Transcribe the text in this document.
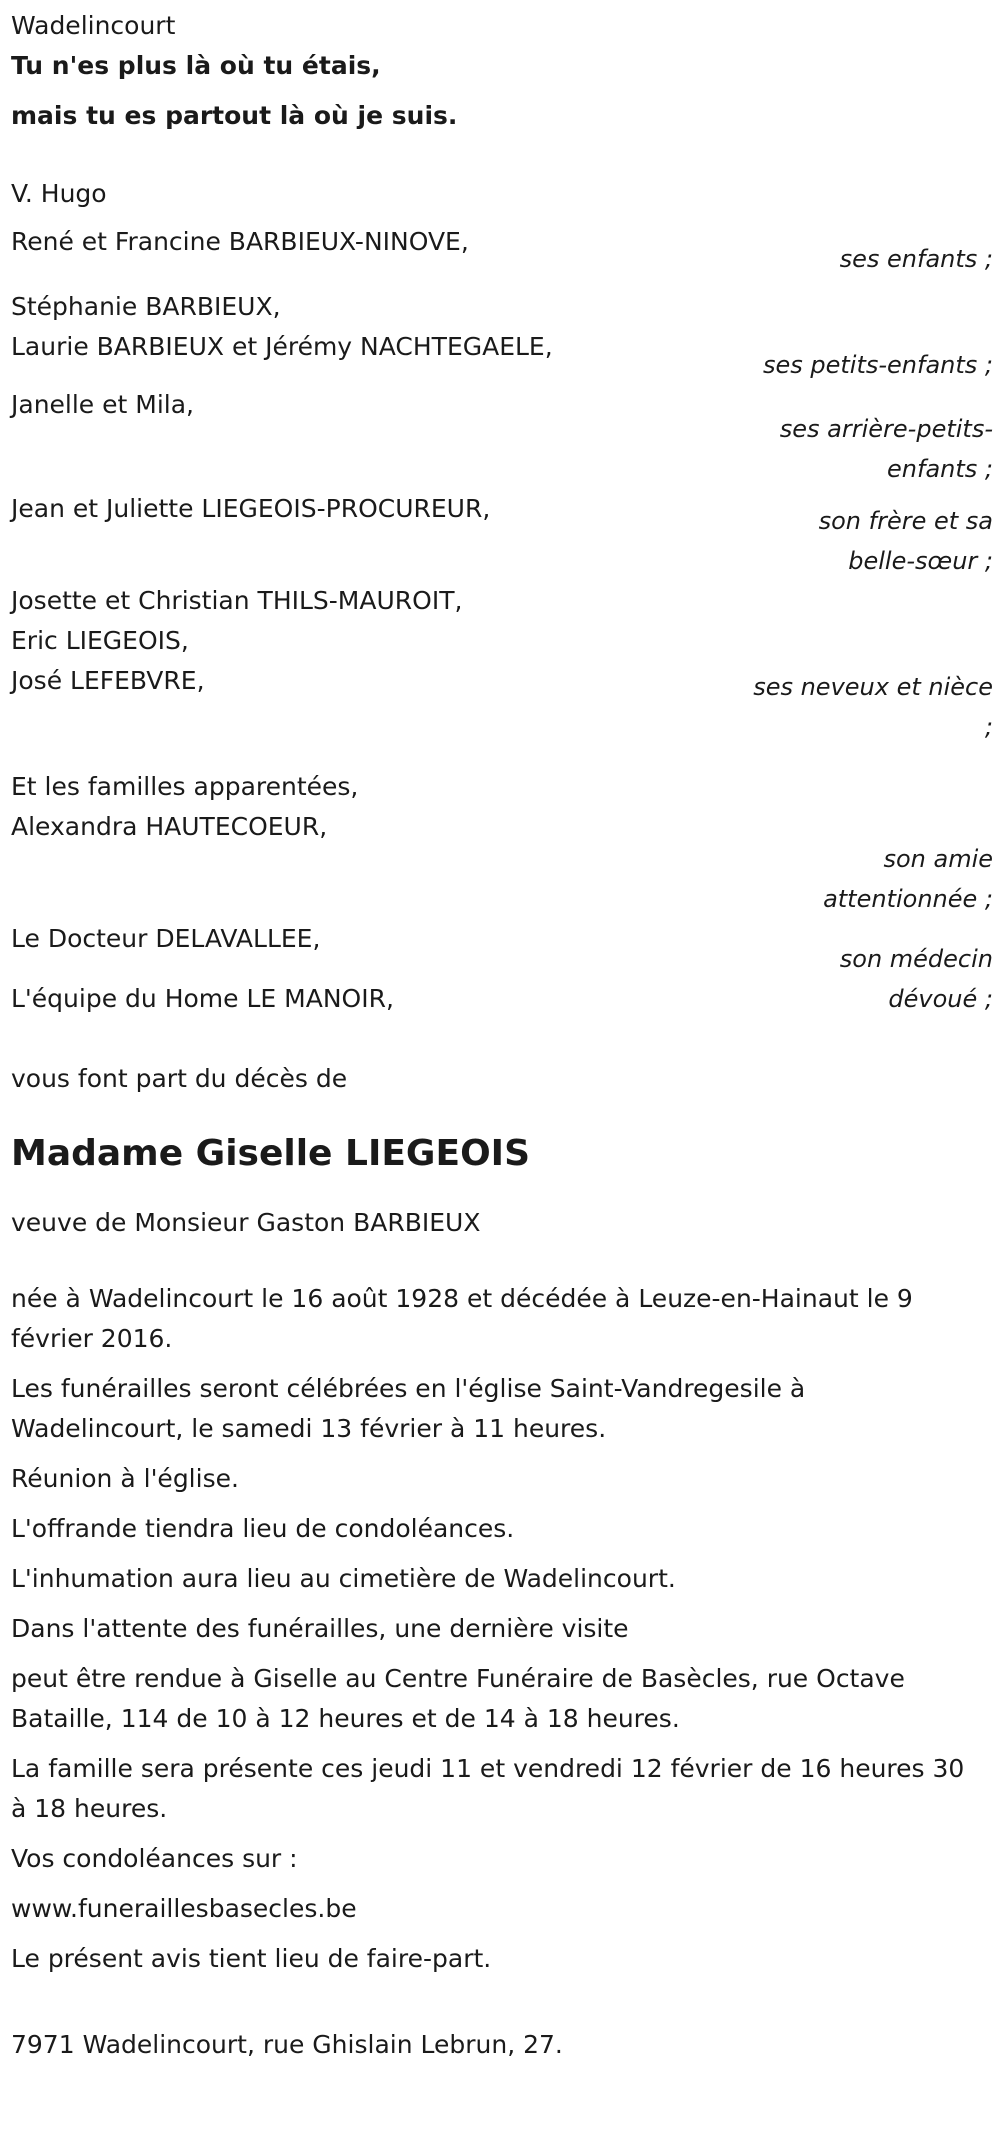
Wadelincourt

Tu n'es plus là où tu étais,

mais tu es partout là où je suis.

V. Hugo

René et Francine BARBIEUX-NINOVE,

ses enfants ;

Stéphanie BARBIEUX,

Laurie BARBIEUX et Jérémy NACHTEGAELE,

ses petits-enfants ;

Janelle et Mila,

ses arrière-petits-enfants ;

Jean et Juliette LIEGEOIS-PROCUREUR,	son frère et sa belle-sœur ;

Josette et Christian THILS-MAUROIT,

Eric LIEGEOIS,

José LEFEBVRE,	ses neveux et nièce ;

Et les familles apparentées,

Alexandra HAUTECOEUR,

son amie attentionnée ;

Le Docteur DELAVALLEE,

son médecin dévoué ;

L'équipe du Home LE MANOIR,

vous font part du décès de

Madame Giselle LIEGEOIS

veuve de Monsieur Gaston BARBIEUX

née à Wadelincourt le 16 août 1928 et décédée à Leuze-en-Hainaut le 9 février 2016.

Les funérailles seront célébrées en l'église Saint-Vandregesile à Wadelincourt, le samedi 13 février à 11 heures.

Réunion à l'église.

L'offrande tiendra lieu de condoléances.

L'inhumation aura lieu au cimetière de Wadelincourt.

Dans l'attente des funérailles, une dernière visite

peut être rendue à Giselle au Centre Funéraire de Basècles, rue Octave Bataille, 114 de 10 à 12 heures et de 14 à 18 heures.

La famille sera présente ces jeudi 11 et vendredi 12 février de 16 heures 30 à 18 heures.

Vos condoléances sur :

www.funeraillesbasecles.be

Le présent avis tient lieu de faire-part.

7971 Wadelincourt, rue Ghislain Lebrun, 27.
